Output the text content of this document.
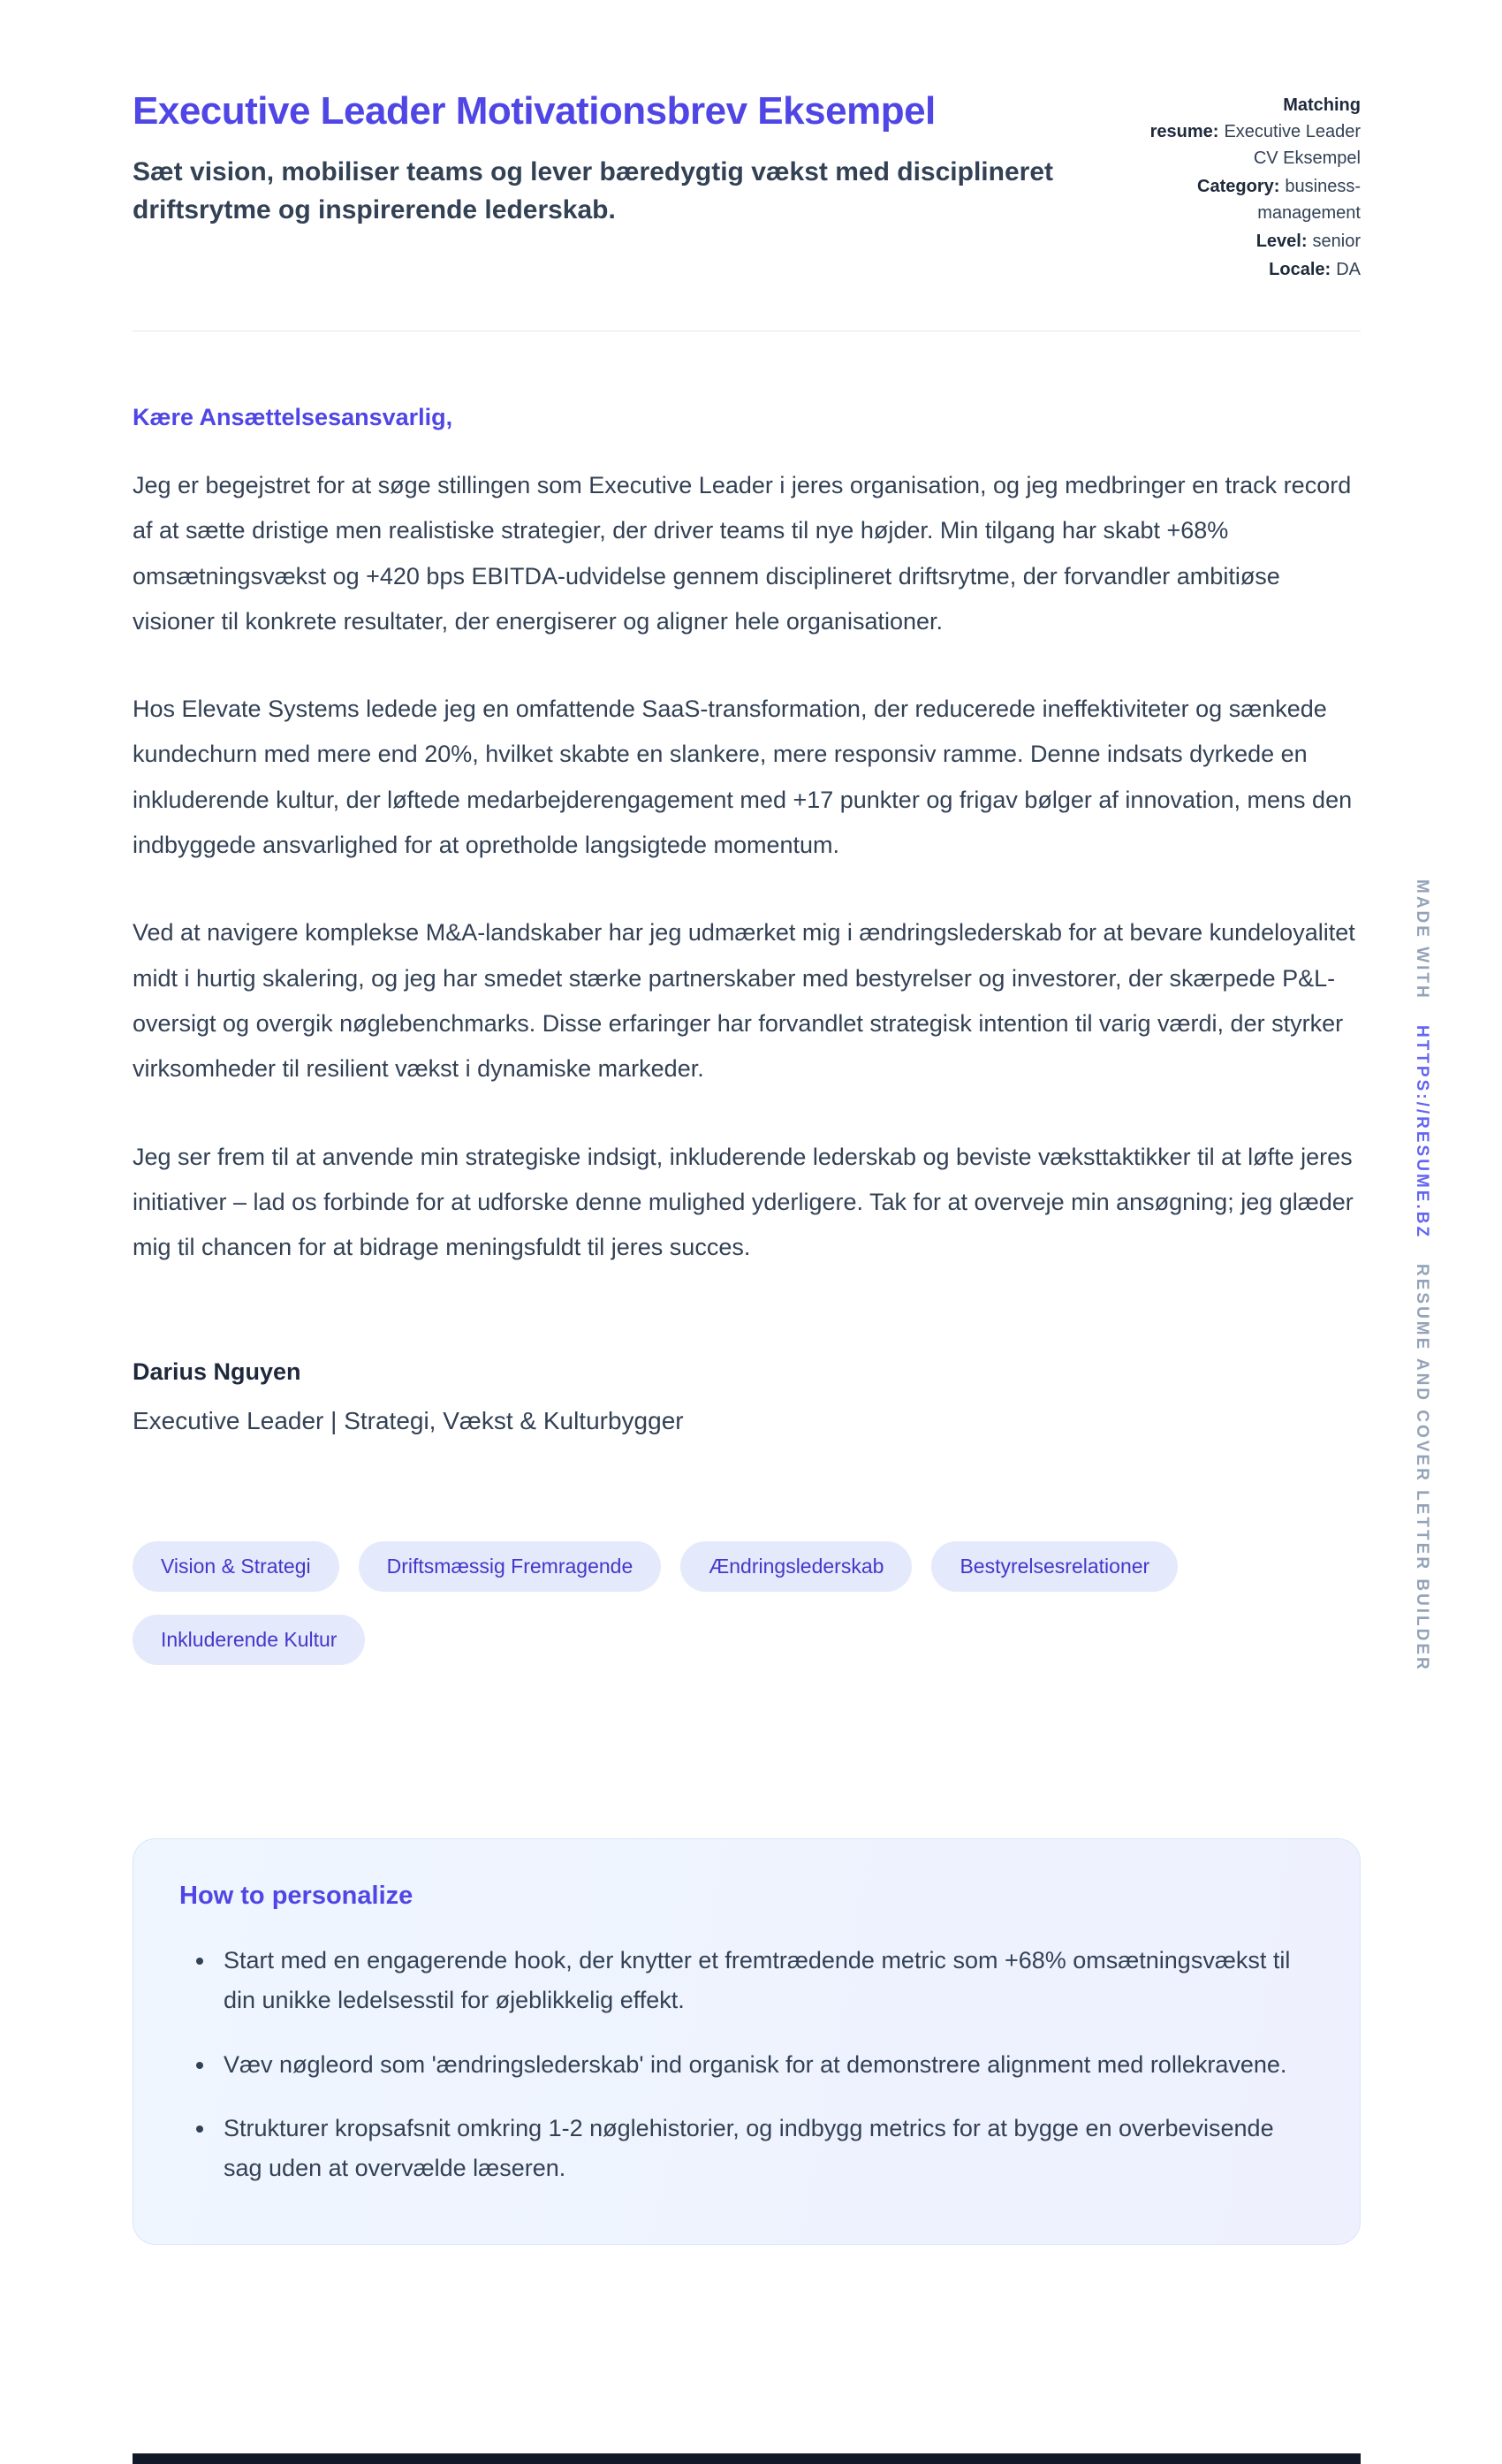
Executive Leader Motivationsbrev Eksempel

Sæt vision, mobiliser teams og lever bæredygtig vækst med disciplineret driftsrytme og inspirerende lederskab.

Matching resume: Executive Leader CV Eksempel
Category: business-management
Level: senior
Locale: DA

Kære Ansættelsesansvarlig,

Jeg er begejstret for at søge stillingen som Executive Leader i jeres organisation, og jeg medbringer en track record af at sætte dristige men realistiske strategier, der driver teams til nye højder. Min tilgang har skabt +68% omsætningsvækst og +420 bps EBITDA-udvidelse gennem disciplineret driftsrytme, der forvandler ambitiøse visioner til konkrete resultater, der energiserer og aligner hele organisationer.

Hos Elevate Systems ledede jeg en omfattende SaaS-transformation, der reducerede ineffektiviteter og sænkede kundechurn med mere end 20%, hvilket skabte en slankere, mere responsiv ramme. Denne indsats dyrkede en inkluderende kultur, der løftede medarbejderengagement med +17 punkter og frigav bølger af innovation, mens den indbyggede ansvarlighed for at opretholde langsigtede momentum.

Ved at navigere komplekse M&A-landskaber har jeg udmærket mig i ændringslederskab for at bevare kundeloyalitet midt i hurtig skalering, og jeg har smedet stærke partnerskaber med bestyrelser og investorer, der skærpede P&L-oversigt og overgik nøglebenchmarks. Disse erfaringer har forvandlet strategisk intention til varig værdi, der styrker virksomheder til resilient vækst i dynamiske markeder.

Jeg ser frem til at anvende min strategiske indsigt, inkluderende lederskab og beviste væksttaktikker til at løfte jeres initiativer – lad os forbinde for at udforske denne mulighed yderligere. Tak for at overveje min ansøgning; jeg glæder mig til chancen for at bidrage meningsfuldt til jeres succes.

Darius Nguyen

Executive Leader | Strategi, Vækst & Kulturbygger

Vision & Strategi	Driftsmæssig Fremragende	Ændringslederskab	Bestyrelsesrelationer
Inkluderende Kultur
How to personalize
• Start med en engagerende hook, der knytter et fremtrædende metric som +68% omsætningsvækst til din unikke ledelsesstil for øjeblikkelig effekt.
• Væv nøgleord som 'ændringslederskab' ind organisk for at demonstrere alignment med rollekravene.
• Strukturer kropsafsnit omkring 1-2 nøglehistorier, og indbygg metrics for at bygge en overbevisende sag uden at overvælde læseren.
MADE WITH HTTPS://RESUME.BZ RESUME AND COVER LETTER BUILDER
